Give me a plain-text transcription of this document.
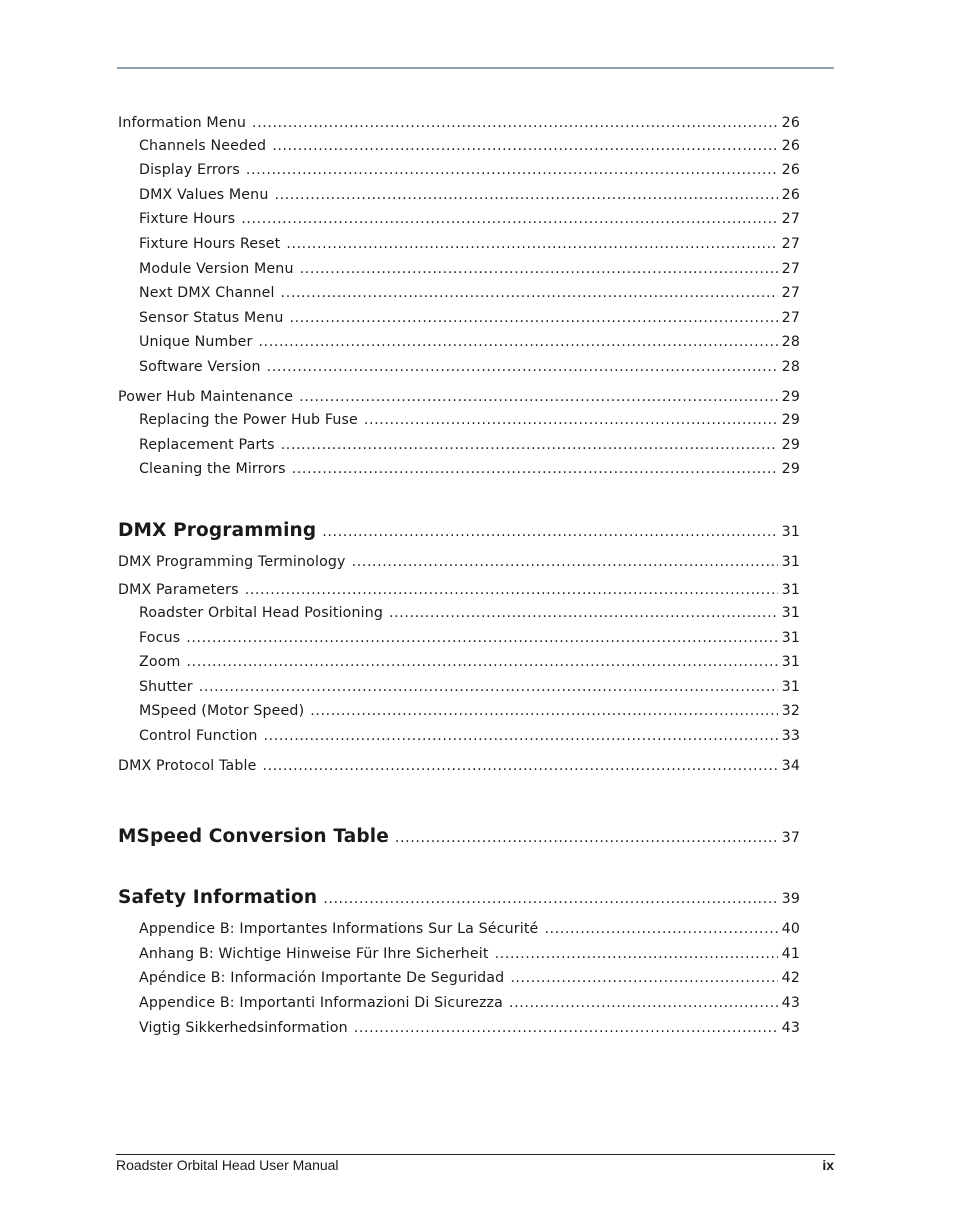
Information Menu .....	26
Channels Needed .....	26
Display Errors .....	26
DMX Values Menu .....	26
Fixture Hours .....	27
Fixture Hours Reset .....	27
Module Version Menu .....	27
Next DMX Channel .....	27
Sensor Status Menu .....	27
Unique Number .....	28
Software Version .....	28
Power Hub Maintenance .....	29
Replacing the Power Hub Fuse .....	29
Replacement Parts .....	29
Cleaning the Mirrors .....	29
DMX Programming .....	31
DMX Programming Terminology .....	31
DMX Parameters .....	31
Roadster Orbital Head Positioning .....	31
Focus .....	31
Zoom .....	31
Shutter .....	31
MSpeed (Motor Speed) .....	32
Control Function .....	33
DMX Protocol Table .....	34
MSpeed Conversion Table .....	37
Safety Information .....	39
Appendice B: Importantes Informations Sur La Sécurité .....	40
Anhang B: Wichtige Hinweise Für Ihre Sicherheit .....	41
Apéndice B: Información Importante De Seguridad .....	42
Appendice B: Importanti Informazioni Di Sicurezza .....	43
Vigtig Sikkerhedsinformation .....	43
Roadster Orbital Head User Manual	ix
